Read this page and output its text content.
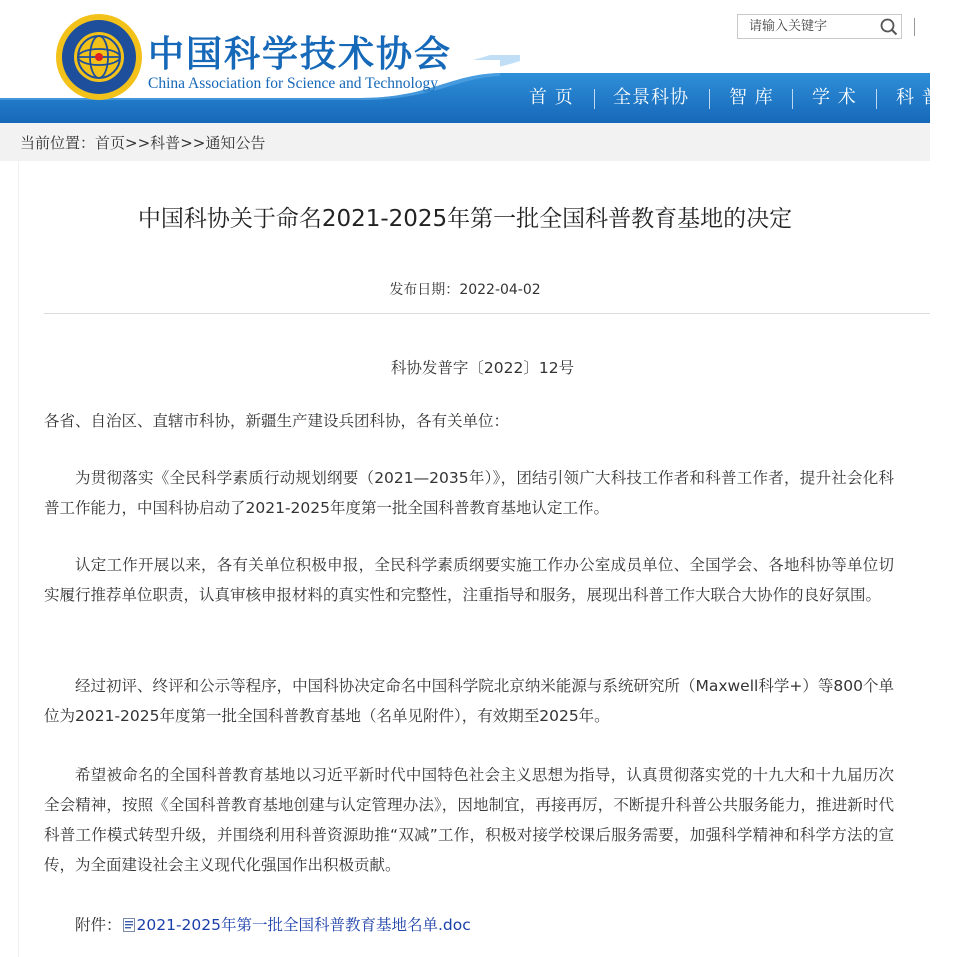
中国科学技术协会
China Association for Science and Technology
请输入关键字
首 页 全景科协 智 库 学 术 科 普
当前位置：首页>>科普>>通知公告
中国科协关于命名2021-2025年第一批全国科普教育基地的决定
发布日期：2022-04-02
科协发普字〔2022〕12号

各省、自治区、直辖市科协，新疆生产建设兵团科协，各有关单位：

为贯彻落实《全民科学素质行动规划纲要（2021—2035年）》，团结引领广大科技工作者和科普工作者，提升社会化科普工作能力，中国科协启动了2021-2025年度第一批全国科普教育基地认定工作。

认定工作开展以来，各有关单位积极申报，全民科学素质纲要实施工作办公室成员单位、全国学会、各地科协等单位切实履行推荐单位职责，认真审核申报材料的真实性和完整性，注重指导和服务，展现出科普工作大联合大协作的良好氛围。

经过初评、终评和公示等程序，中国科协决定命名中国科学院北京纳米能源与系统研究所（Maxwell科学+）等800个单位为2021-2025年度第一批全国科普教育基地（名单见附件），有效期至2025年。

希望被命名的全国科普教育基地以习近平新时代中国特色社会主义思想为指导，认真贯彻落实党的十九大和十九届历次全会精神，按照《全国科普教育基地创建与认定管理办法》，因地制宜，再接再厉，不断提升科普公共服务能力，推进新时代科普工作模式转型升级，并围绕利用科普资源助推“双减”工作，积极对接学校课后服务需要，加强科学精神和科学方法的宣传，为全面建设社会主义现代化强国作出积极贡献。

附件： 2021-2025年第一批全国科普教育基地名单.doc
